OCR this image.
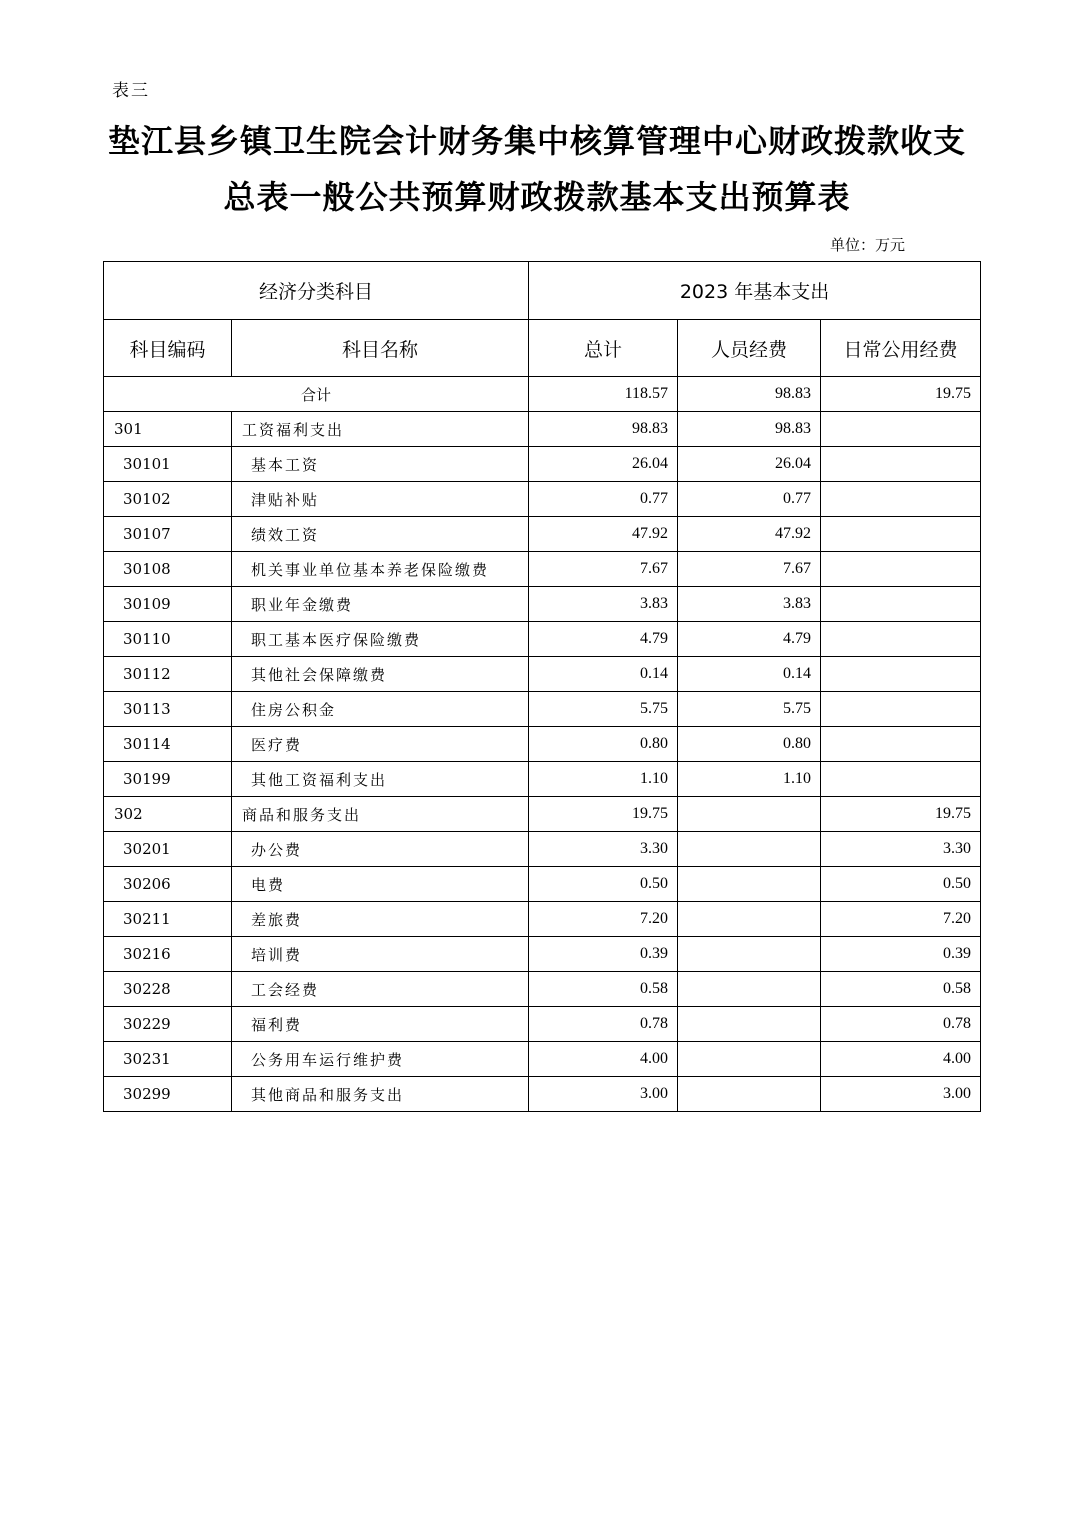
表三
垫江县乡镇卫生院会计财务集中核算管理中心财政拨款收支
总表一般公共预算财政拨款基本支出预算表
单位：万元
经济分类科目		2023 年基本支出		
科目编码	科目名称	总计	人员经费	日常公用经费
合计		118.57	98.83	19.75
301	工资福利支出	98.83	98.83	
30101	基本工资	26.04	26.04	
30102	津贴补贴	0.77	0.77	
30107	绩效工资	47.92	47.92	
30108	机关事业单位基本养老保险缴费	7.67	7.67	
30109	职业年金缴费	3.83	3.83	
30110	职工基本医疗保险缴费	4.79	4.79	
30112	其他社会保障缴费	0.14	0.14	
30113	住房公积金	5.75	5.75	
30114	医疗费	0.80	0.80	
30199	其他工资福利支出	1.10	1.10	
302	商品和服务支出	19.75		19.75
30201	办公费	3.30		3.30
30206	电费	0.50		0.50
30211	差旅费	7.20		7.20
30216	培训费	0.39		0.39
30228	工会经费	0.58		0.58
30229	福利费	0.78		0.78
30231	公务用车运行维护费	4.00		4.00
30299	其他商品和服务支出	3.00		3.00
